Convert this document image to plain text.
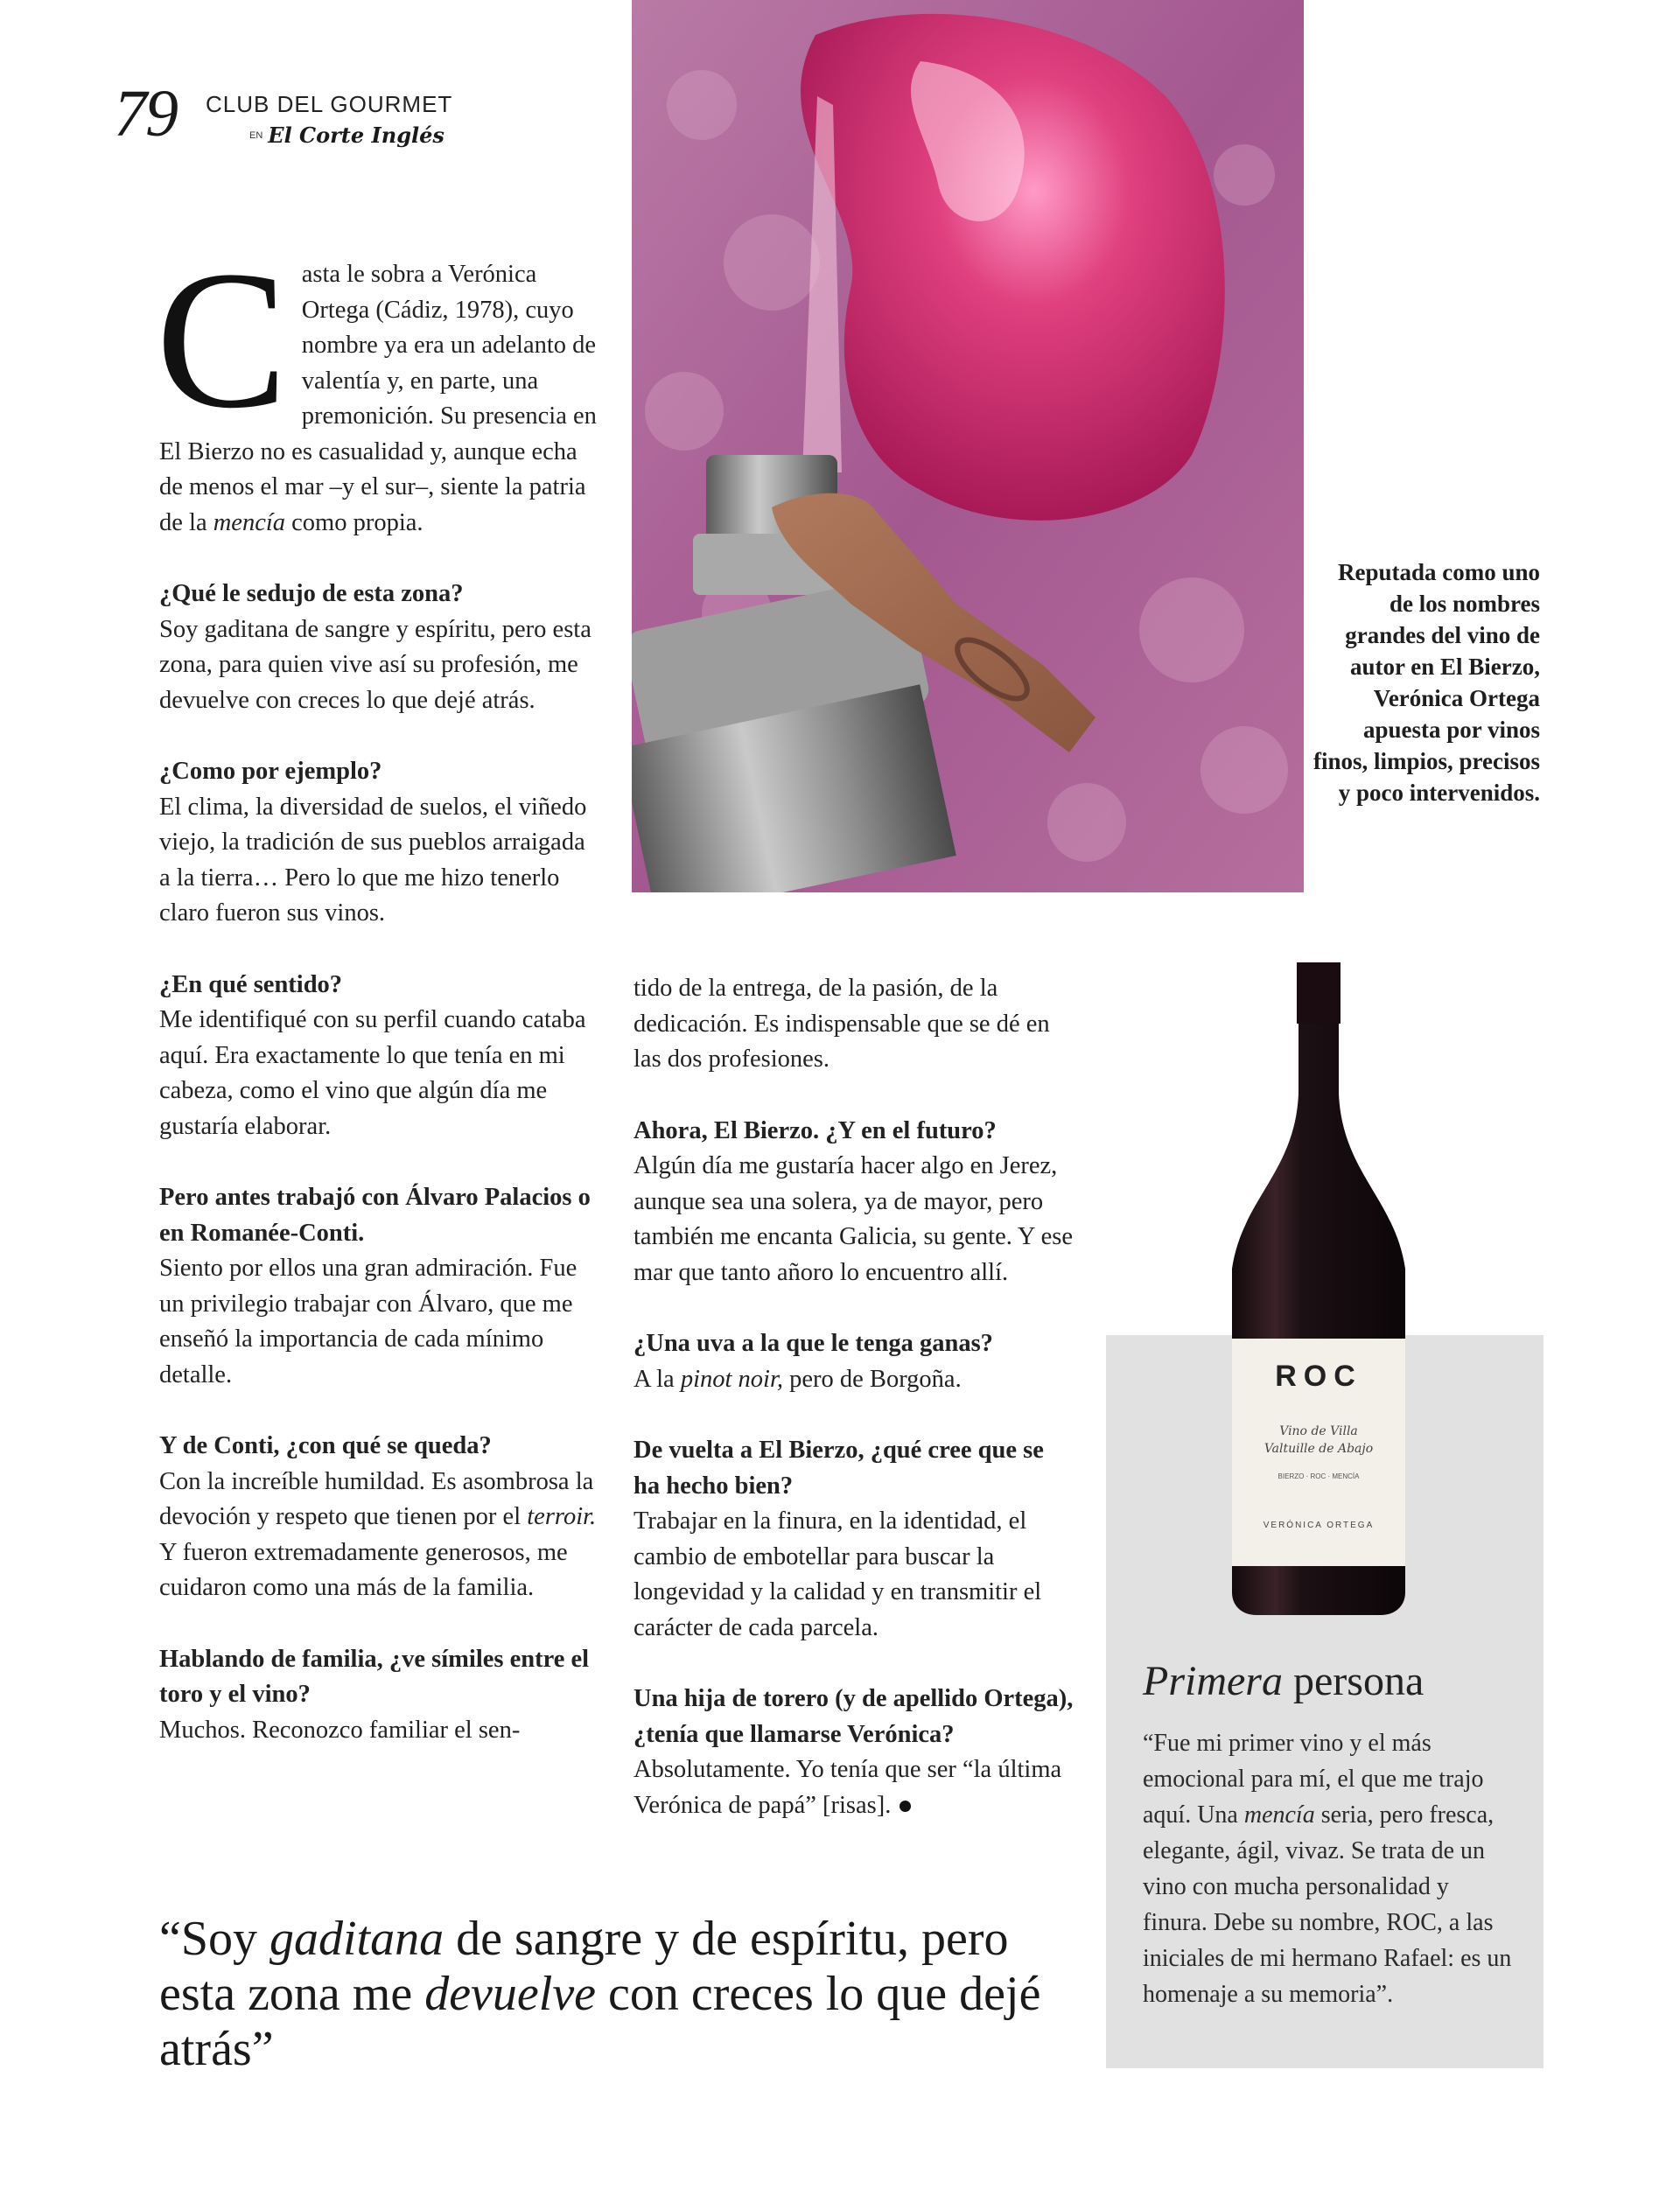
79 CLUB DEL GOURMET
EN El Corte Inglés

Casta le sobra a Verónica Ortega (Cádiz, 1978), cuyo nombre ya era un adelanto de valentía y, en parte, una premonición. Su presencia en El Bierzo no es casualidad y, aunque echa de menos el mar –y el sur–, siente la patria de la mencía como propia.

¿Qué le sedujo de esta zona?
Soy gaditana de sangre y espíritu, pero esta zona, para quien vive así su profesión, me devuelve con creces lo que dejé atrás.

¿Como por ejemplo?
El clima, la diversidad de suelos, el viñedo viejo, la tradición de sus pueblos arraigada a la tierra… Pero lo que me hizo tenerlo claro fueron sus vinos.

¿En qué sentido?
Me identifiqué con su perfil cuando cataba aquí. Era exactamente lo que tenía en mi cabeza, como el vino que algún día me gustaría elaborar.

Pero antes trabajó con Álvaro Palacios o en Romanée-Conti.
Siento por ellos una gran admiración. Fue un privilegio trabajar con Álvaro, que me enseñó la importancia de cada mínimo detalle.

Y de Conti, ¿con qué se queda?
Con la increíble humildad. Es asombrosa la devoción y respeto que tienen por el terroir. Y fueron extremadamente generosos, me cuidaron como una más de la familia.

Hablando de familia, ¿ve símiles entre el toro y el vino?
Muchos. Reconozco familiar el sen-

Reputada como uno de los nombres grandes del vino de autor en El Bierzo, Verónica Ortega apuesta por vinos finos, limpios, precisos y poco intervenidos.

tido de la entrega, de la pasión, de la dedicación. Es indispensable que se dé en las dos profesiones.

Ahora, El Bierzo. ¿Y en el futuro?
Algún día me gustaría hacer algo en Jerez, aunque sea una solera, ya de mayor, pero también me encanta Galicia, su gente. Y ese mar que tanto añoro lo encuentro allí.

¿Una uva a la que le tenga ganas?
A la pinot noir, pero de Borgoña.

De vuelta a El Bierzo, ¿qué cree que se ha hecho bien?
Trabajar en la finura, en la identidad, el cambio de embotellar para buscar la longevidad y la calidad y en transmitir el carácter de cada parcela.

Una hija de torero (y de apellido Ortega), ¿tenía que llamarse Verónica?
Absolutamente. Yo tenía que ser “la última Verónica de papá” [risas].

ROC
Vino de Villa
Valtuille de Abajo
BIERZO · ROC · MENCÍA
VERÓNICA ORTEGA
Primera persona
“Fue mi primer vino y el más emocional para mí, el que me trajo aquí. Una mencía seria, pero fresca, elegante, ágil, vivaz. Se trata de un vino con mucha personalidad y finura. Debe su nombre, ROC, a las iniciales de mi hermano Rafael: es un homenaje a su memoria”.
“Soy gaditana de sangre y de espíritu, pero esta zona me devuelve con creces lo que dejé atrás”
